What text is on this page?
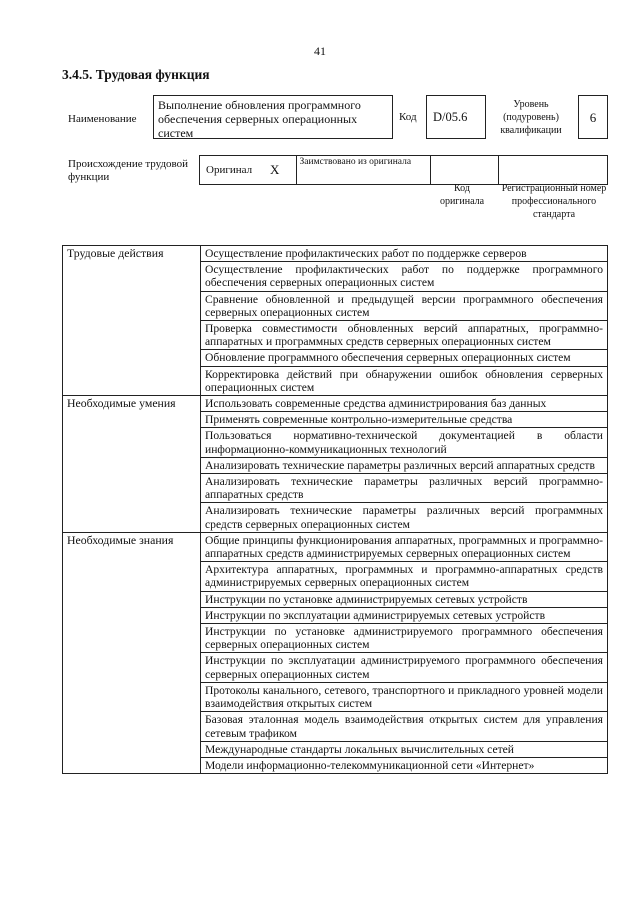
41
3.4.5. Трудовая функция
Наименование
Выполнение обновления программного обеспечения серверных операционных систем
Код	D/05.6
Уровень (подуровень) квалификации
6
Происхождение трудовой функции
Оригинал X	Заимствовано из оригинала
Код оригинала
Регистрационный номер профессионального стандарта
Трудовые действия	Осуществление профилактических работ по поддержке серверов
	Осуществление профилактических работ по поддержке программного обеспечения серверных операционных систем
	Сравнение обновленной и предыдущей версии программного обеспечения серверных операционных систем
	Проверка совместимости обновленных версий аппаратных, программно-аппаратных и программных средств серверных операционных систем
	Обновление программного обеспечения серверных операционных систем
	Корректировка действий при обнаружении ошибок обновления серверных операционных систем
Необходимые умения	Использовать современные средства администрирования баз данных
	Применять современные контрольно-измерительные средства
	Пользоваться нормативно-технической документацией в области информационно-коммуникационных технологий
	Анализировать технические параметры различных версий аппаратных средств
	Анализировать технические параметры различных версий программно-аппаратных средств
	Анализировать технические параметры различных версий программных средств серверных операционных систем
Необходимые знания	Общие принципы функционирования аппаратных, программных и программно-аппаратных средств администрируемых серверных операционных систем
	Архитектура аппаратных, программных и программно-аппаратных средств администрируемых серверных операционных систем
	Инструкции по установке администрируемых сетевых устройств
	Инструкции по эксплуатации администрируемых сетевых устройств
	Инструкции по установке администрируемого программного обеспечения серверных операционных систем
	Инструкции по эксплуатации администрируемого программного обеспечения серверных операционных систем
	Протоколы канального, сетевого, транспортного и прикладного уровней модели взаимодействия открытых систем
	Базовая эталонная модель взаимодействия открытых систем для управления сетевым трафиком
	Международные стандарты локальных вычислительных сетей
	Модели информационно-телекоммуникационной сети «Интернет»
